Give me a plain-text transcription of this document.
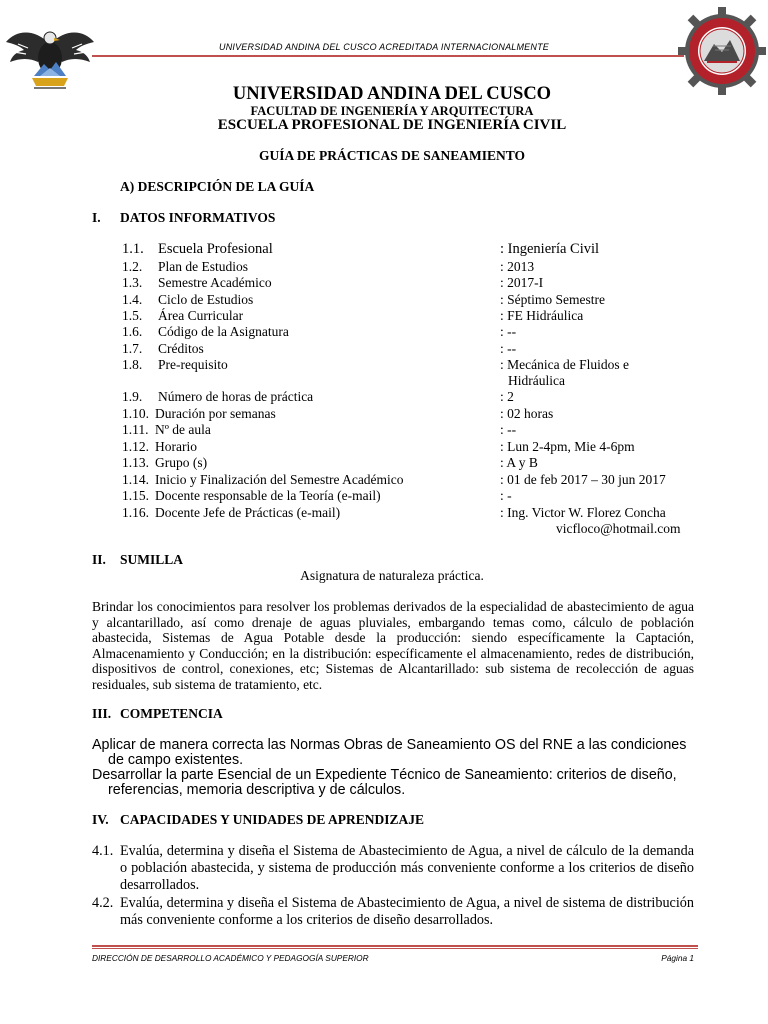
UNIVERSIDAD ANDINA DEL CUSCO ACREDITADA INTERNACIONALMENTE
UNIVERSIDAD ANDINA DEL CUSCO
FACULTAD DE INGENIERÍA Y ARQUITECTURA
ESCUELA PROFESIONAL DE INGENIERÍA CIVIL
GUÍA DE PRÁCTICAS DE SANEAMIENTO
A) DESCRIPCIÓN DE LA GUÍA
I. DATOS INFORMATIVOS
1.1. Escuela Profesional	: Ingeniería Civil
1.2. Plan de Estudios	: 2013
1.3. Semestre Académico	: 2017-I
1.4. Ciclo de Estudios	: Séptimo Semestre
1.5. Área Curricular	: FE Hidráulica
1.6. Código de la Asignatura	: --
1.7. Créditos	: --
1.8. Pre-requisito	: Mecánica de Fluidos e
Hidráulica
1.9. Número de horas de práctica	: 2
1.10. Duración por semanas	: 02 horas
1.11. Nº de aula	: --
1.12. Horario	: Lun 2-4pm, Mie 4-6pm
1.13. Grupo (s)	: A y B
1.14. Inicio y Finalización del Semestre Académico	: 01 de feb 2017 – 30 jun 2017
1.15. Docente responsable de la Teoría (e-mail)	: -
1.16. Docente Jefe de Prácticas (e-mail)	: Ing. Victor W. Florez Concha
vicfloco@hotmail.com
II. SUMILLA
Asignatura de naturaleza práctica.
Brindar los conocimientos para resolver los problemas derivados de la especialidad de abastecimiento de agua y alcantarillado, así como drenaje de aguas pluviales, embargando temas como, cálculo de población abastecida, Sistemas de Agua Potable desde la producción: siendo específicamente la Captación, Almacenamiento y Conducción; en la distribución: específicamente el almacenamiento, redes de distribución, dispositivos de control, conexiones, etc; Sistemas de Alcantarillado: sub sistema de recolección de aguas residuales, sub sistema de tratamiento, etc.
III. COMPETENCIA
Aplicar de manera correcta las Normas Obras de Saneamiento OS del RNE a las condiciones
de campo existentes.
Desarrollar la parte Esencial de un Expediente Técnico de Saneamiento: criterios de diseño,
referencias, memoria descriptiva y de cálculos.
IV. CAPACIDADES Y UNIDADES DE APRENDIZAJE
4.1. Evalúa, determina y diseña el Sistema de Abastecimiento de Agua, a nivel de cálculo de la demanda o población abastecida, y sistema de producción más conveniente conforme a los criterios de diseño desarrollados.
4.2. Evalúa, determina y diseña el Sistema de Abastecimiento de Agua, a nivel de sistema de distribución más conveniente conforme a los criterios de diseño desarrollados.
DIRECCIÓN DE DESARROLLO ACADÉMICO Y PEDAGOGÍA SUPERIOR	Página 1
